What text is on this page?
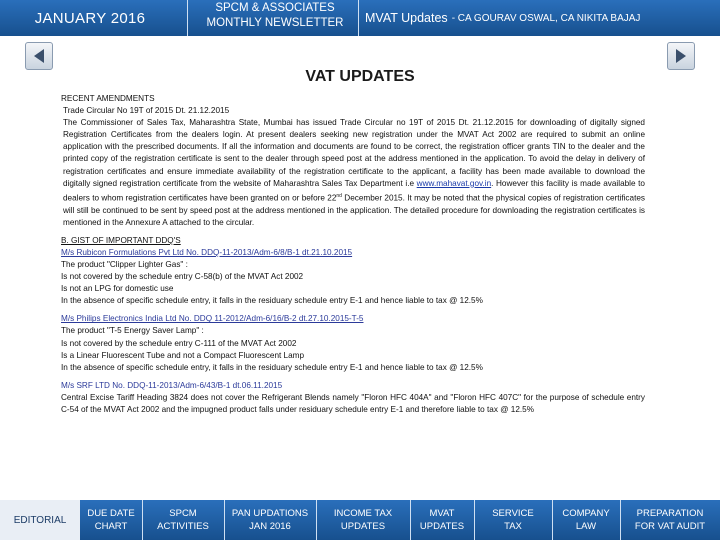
JANUARY 2016
SPCM & ASSOCIATES
MONTHLY NEWSLETTER	MVAT Updates - CA GOURAV OSWAL, CA NIKITA BAJAJ
VAT UPDATES

RECENT AMENDMENTS

Trade Circular No 19T of 2015 Dt. 21.12.2015

The Commissioner of Sales Tax, Maharashtra State, Mumbai has issued Trade Circular no 19T of 2015 Dt. 21.12.2015 for downloading of digitally signed Registration Certificates from the dealers login. At present dealers seeking new registration under the MVAT Act 2002 are required to submit an online application with the prescribed documents. If all the information and documents are found to be correct, the registration officer grants TIN to the dealer and the printed copy of the registration certificate is sent to the dealer through speed post at the address mentioned in the application. To avoid the delay in delivery of registration certificates and ensure immediate availability of the registration certificate to the applicant, a facility has been made available to download the digitally signed registration certificate from the website of Maharashtra Sales Tax Department i.e www.mahavat.gov.in. However this facility is made available to dealers to whom registration certificates have been granted on or before 22nd December 2015. It may be noted that the physical copies of registration certificates will still be continued to be sent by speed post at the address mentioned in the application. The detailed procedure for downloading the registration certificates is mentioned in the Annexure A attached to the circular.

B. GIST OF IMPORTANT DDQ'S

M/s Rubicon Formulations Pvt Ltd No. DDQ-11-2013/Adm-6/8/B-1 dt.21.10.2015

The product "Clipper Lighter Gas" :

Is not covered by the schedule entry C-58(b) of the MVAT Act 2002

Is not an LPG for domestic use

In the absence of specific schedule entry, it falls in the residuary schedule entry E-1 and hence liable to tax @ 12.5%

M/s Philips Electronics India Ltd No. DDQ 11-2012/Adm-6/16/B-2 dt.27.10.2015-T-5

The product "T-5 Energy Saver Lamp" :

Is not covered by the schedule entry C-111 of the MVAT Act 2002

Is a Linear Fluorescent Tube and not a Compact Fluorescent Lamp

In the absence of specific schedule entry, it falls in the residuary schedule entry E-1 and hence liable to tax @ 12.5%

M/s SRF LTD No. DDQ-11-2013/Adm-6/43/B-1 dt.06.11.2015

Central Excise Tariff Heading 3824 does not cover the Refrigerant Blends namely "Floron HFC 404A" and "Floron HFC 407C" for the purpose of schedule entry C-54 of the MVAT Act 2002 and the impugned product falls under residuary schedule entry E-1 and therefore liable to tax @ 12.5%

EDITORIAL
DUE DATE
CHART
SPCM
ACTIVITIES
PAN UPDATIONS
JAN 2016
INCOME TAX
UPDATES
MVAT
UPDATES
SERVICE
TAX
COMPANY
LAW
PREPARATION
FOR VAT AUDIT
